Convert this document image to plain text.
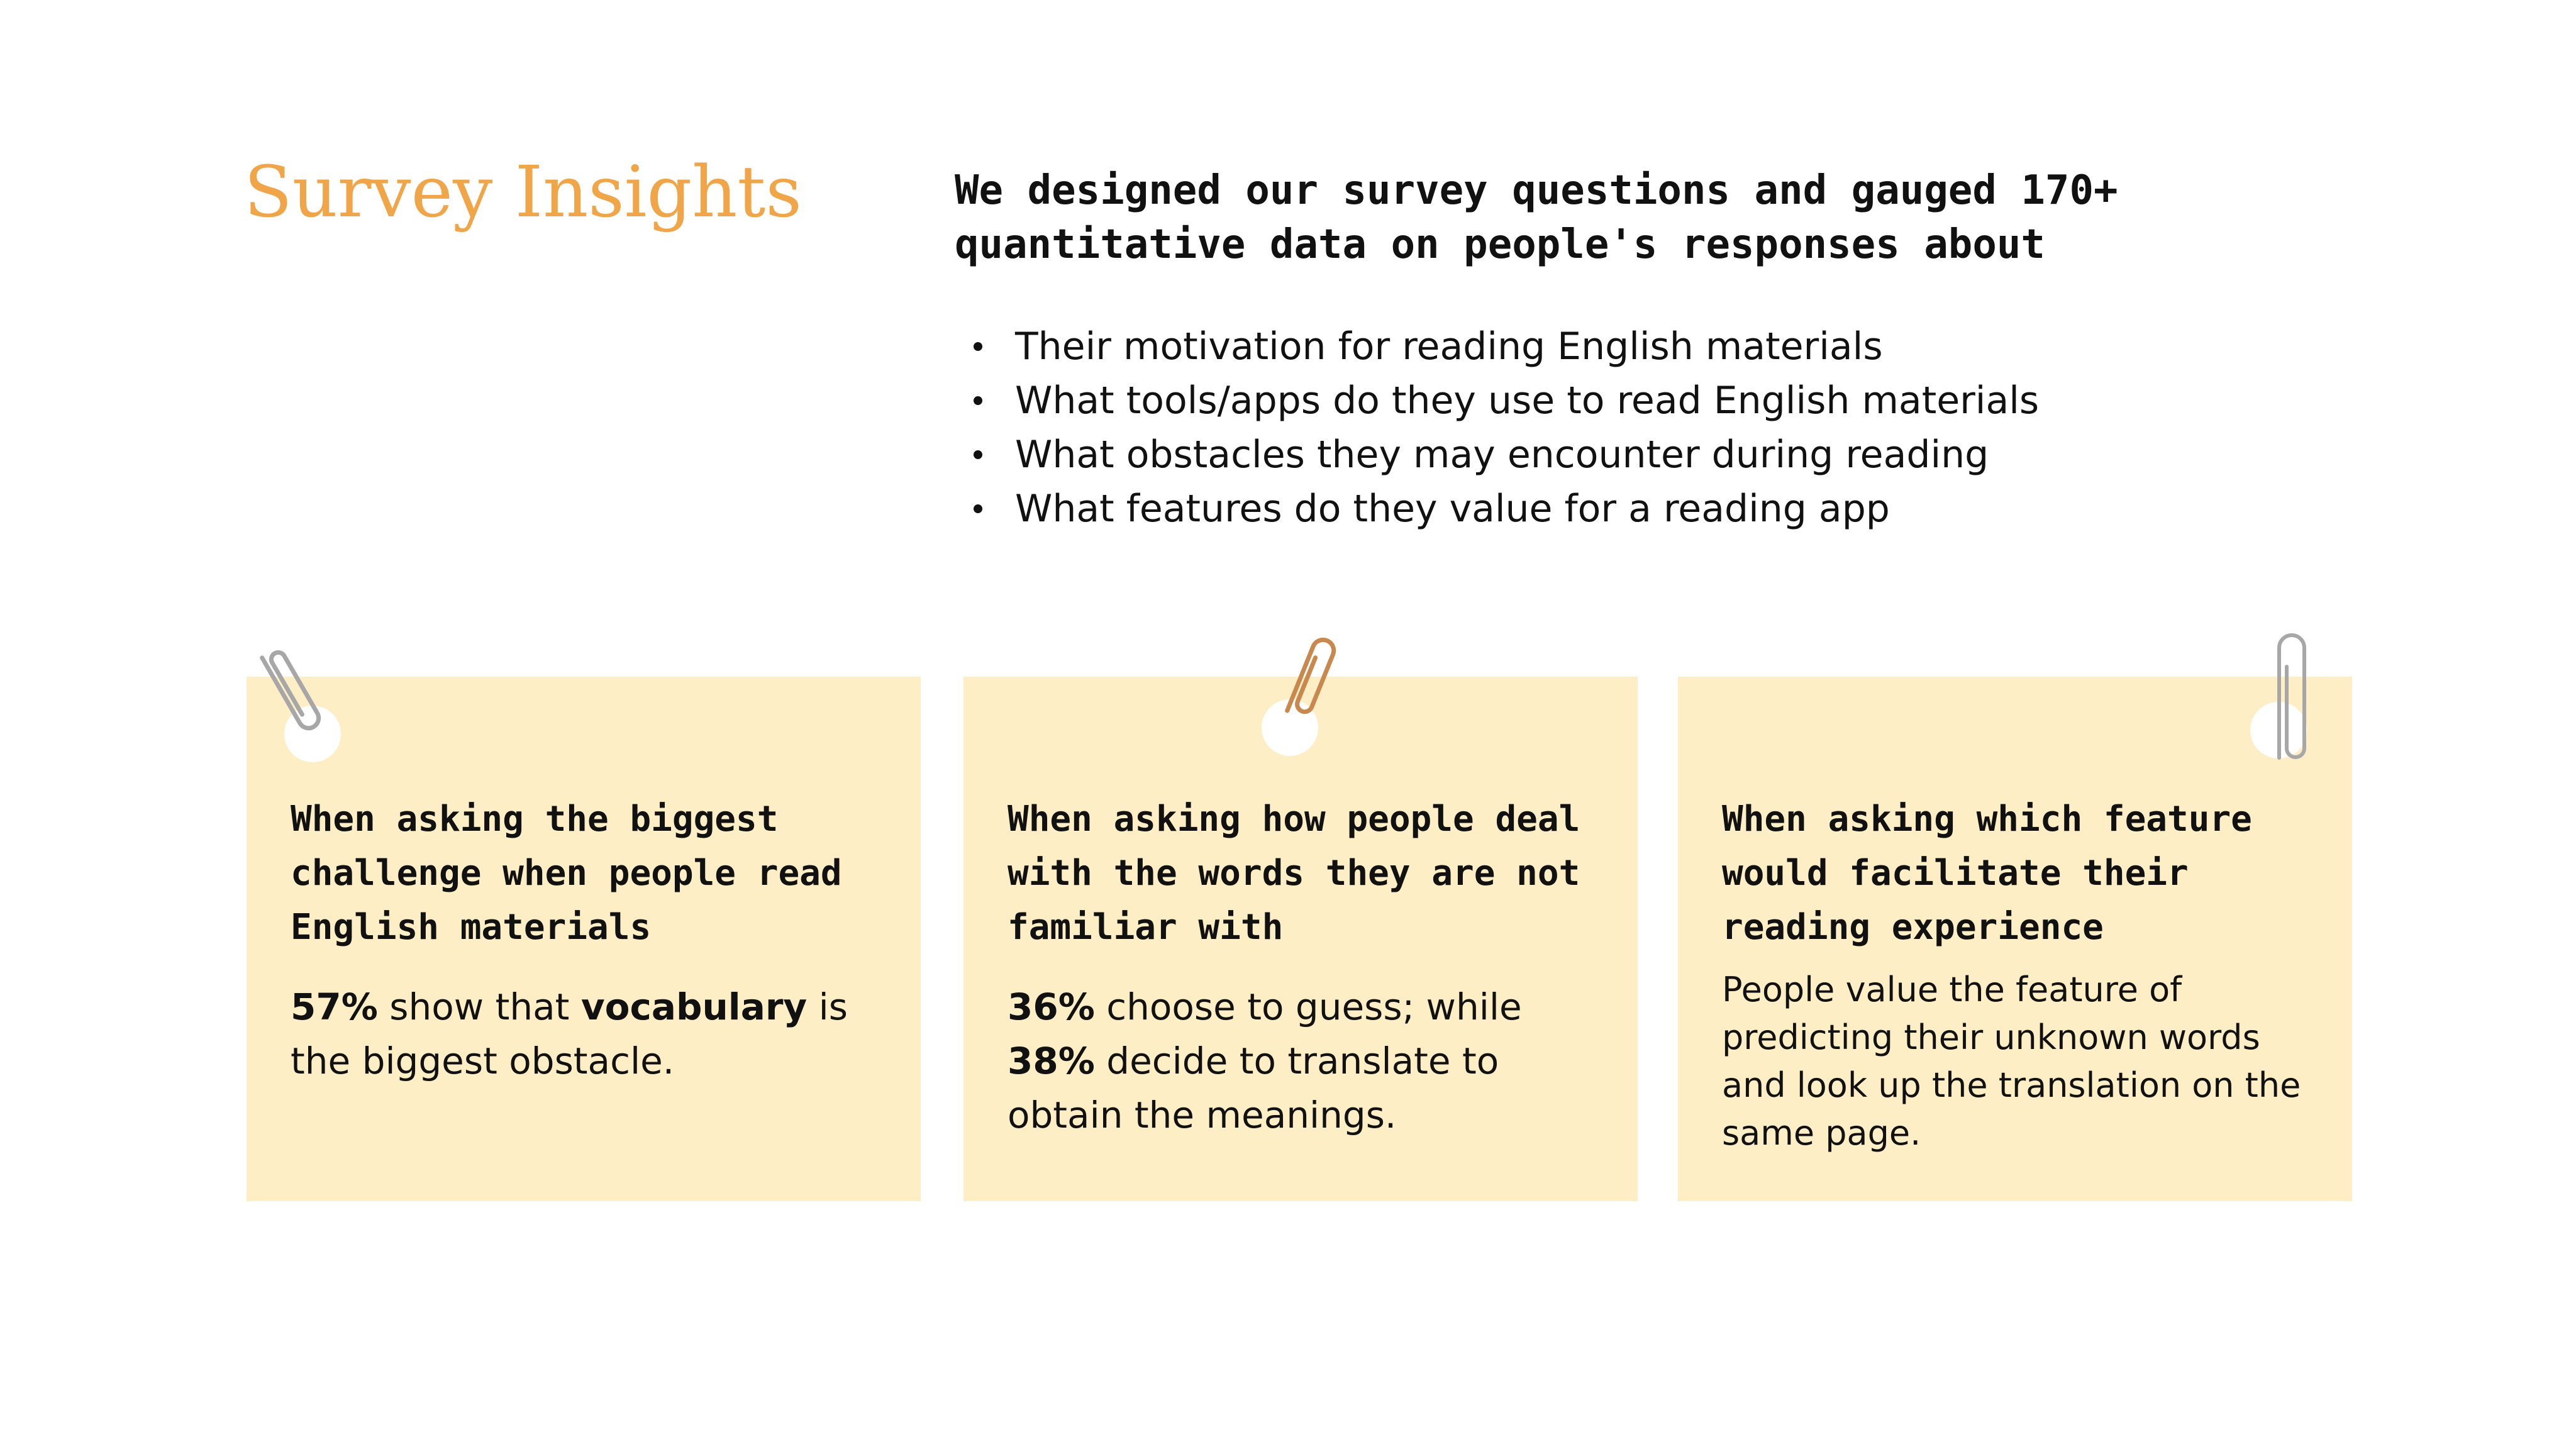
Survey Insights	We designed our survey questions and gauged 170+ quantitative data on people's responses about
Their motivation for reading English materials
What tools/apps do they use to read English materials
What obstacles they may encounter during reading
What features do they value for a reading app
When asking the biggest challenge when people read English materials
57% show that vocabulary is the biggest obstacle.
When asking how people deal with the words they are not familiar with
36% choose to guess; while 38% decide to translate to obtain the meanings.
When asking which feature would facilitate their reading experience
People value the feature of predicting their unknown words and look up the translation on the same page.
